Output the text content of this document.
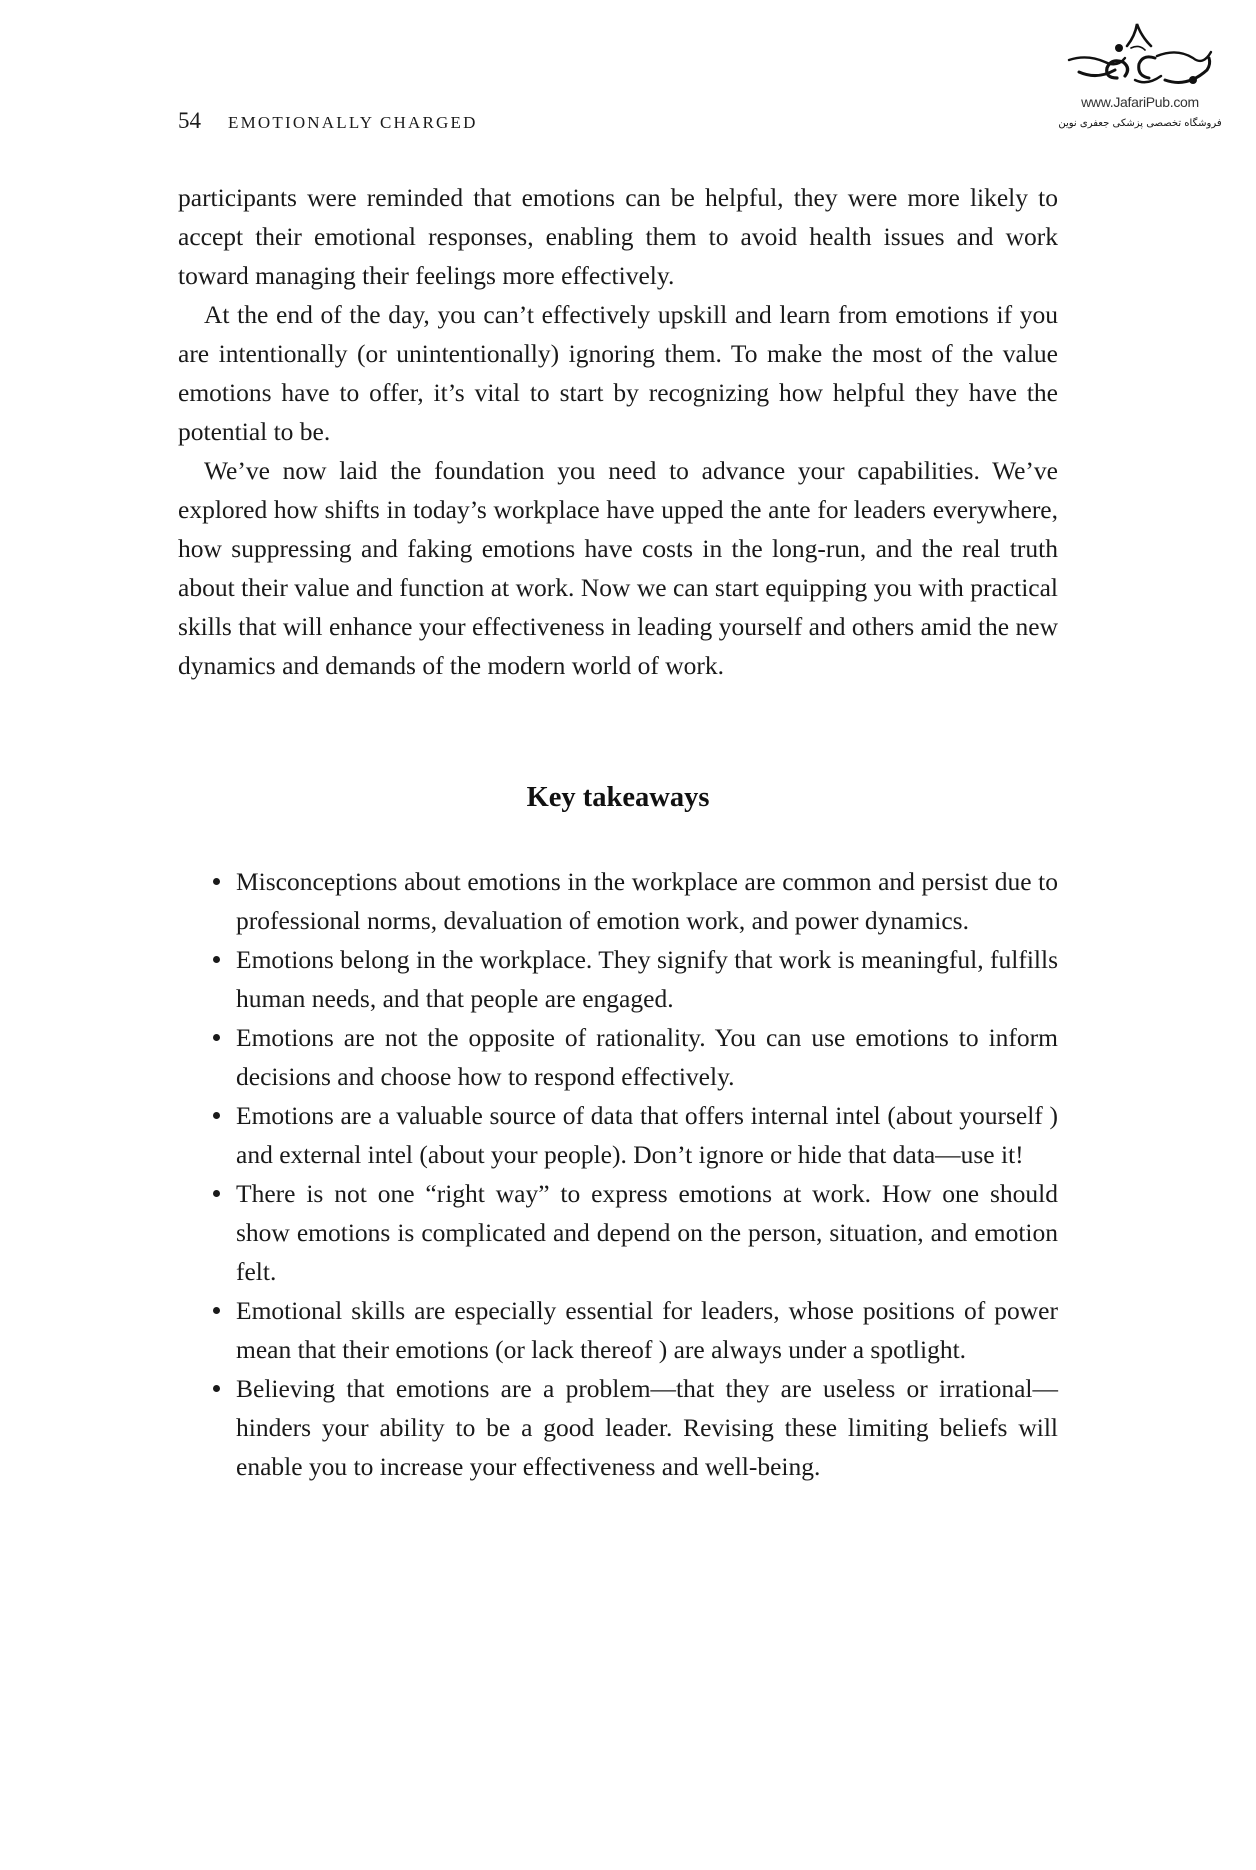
54 EMOTIONALLY CHARGED
www.JafariPub.com
فروشگاه تخصصی پزشکی جعفری نوین

participants were reminded that emotions can be helpful, they were more likely to accept their emotional responses, enabling them to avoid health issues and work toward managing their feelings more effectively.

At the end of the day, you can’t effectively upskill and learn from emotions if you are intentionally (or unintentionally) ignoring them. To make the most of the value emotions have to offer, it’s vital to start by recognizing how helpful they have the potential to be.

We’ve now laid the foundation you need to advance your capabilities. We’ve explored how shifts in today’s workplace have upped the ante for leaders everywhere, how suppressing and faking emotions have costs in the long-run, and the real truth about their value and function at work. Now we can start equipping you with practical skills that will enhance your effectiveness in leading yourself and others amid the new dynamics and demands of the modern world of work.

Key takeaways
Misconceptions about emotions in the workplace are common and persist due to professional norms, devaluation of emotion work, and power dynamics.
Emotions belong in the workplace. They signify that work is meaningful, fulfills human needs, and that people are engaged.
Emotions are not the opposite of rationality. You can use emotions to inform decisions and choose how to respond effectively.
Emotions are a valuable source of data that offers internal intel (about yourself ) and external intel (about your people). Don’t ignore or hide that data—use it!
There is not one “right way” to express emotions at work. How one should show emotions is complicated and depend on the person, situation, and emotion felt.
Emotional skills are especially essential for leaders, whose positions of power mean that their emotions (or lack thereof ) are always under a spotlight.
Believing that emotions are a problem—that they are useless or irrational—hinders your ability to be a good leader. Revising these limiting beliefs will enable you to increase your effectiveness and well-being.
